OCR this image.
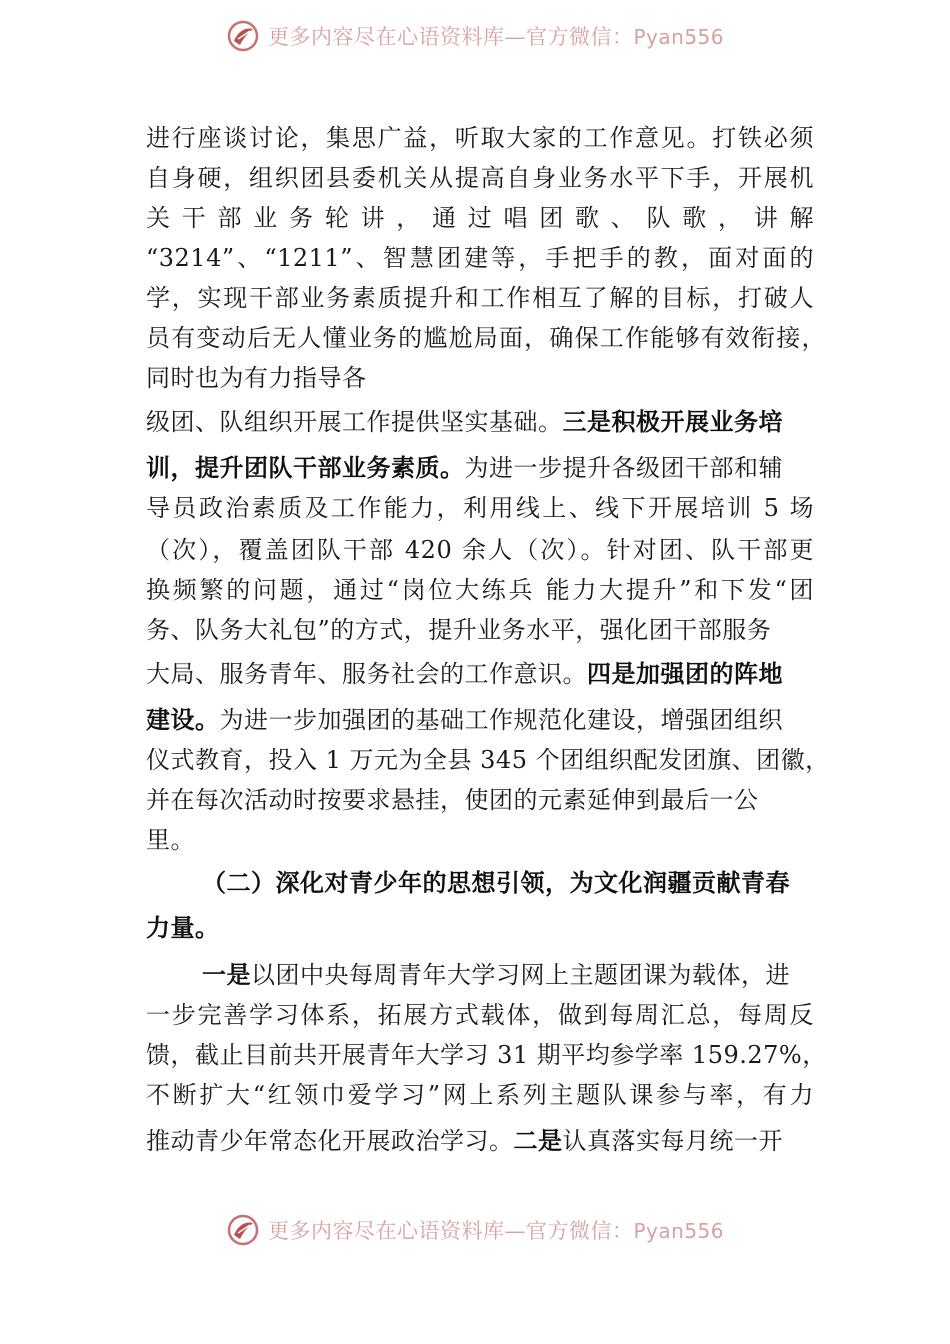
更多内容尽在心语资料库—官方微信：Pyan556
进行座谈讨论，集思广益，听取大家的工作意见。打铁必须
自身硬，组织团县委机关从提高自身业务水平下手，开展机
关干部业务轮讲，通过唱团歌、队歌，讲解
“3214”、“1211”、智慧团建等，手把手的教，面对面的
学，实现干部业务素质提升和工作相互了解的目标，打破人
员有变动后无人懂业务的尴尬局面，确保工作能够有效衔接，
同时也为有力指导各
级团、队组织开展工作提供坚实基础。三是积极开展业务培
训，提升团队干部业务素质。为进一步提升各级团干部和辅
导员政治素质及工作能力，利用线上、线下开展培训 5 场
（次），覆盖团队干部 420 余人（次）。针对团、队干部更
换频繁的问题，通过“岗位大练兵 能力大提升”和下发“团
务、队务大礼包”的方式，提升业务水平，强化团干部服务
大局、服务青年、服务社会的工作意识。四是加强团的阵地
建设。为进一步加强团的基础工作规范化建设，增强团组织
仪式教育，投入 1 万元为全县 345 个团组织配发团旗、团徽，
并在每次活动时按要求悬挂，使团的元素延伸到最后一公
里。
（二）深化对青少年的思想引领，为文化润疆贡献青春
力量。
一是以团中央每周青年大学习网上主题团课为载体，进
一步完善学习体系，拓展方式载体，做到每周汇总，每周反
馈，截止目前共开展青年大学习 31 期平均参学率 159.27%，
不断扩大“红领巾爱学习”网上系列主题队课参与率，有力
推动青少年常态化开展政治学习。二是认真落实每月统一开
更多内容尽在心语资料库—官方微信：Pyan556
